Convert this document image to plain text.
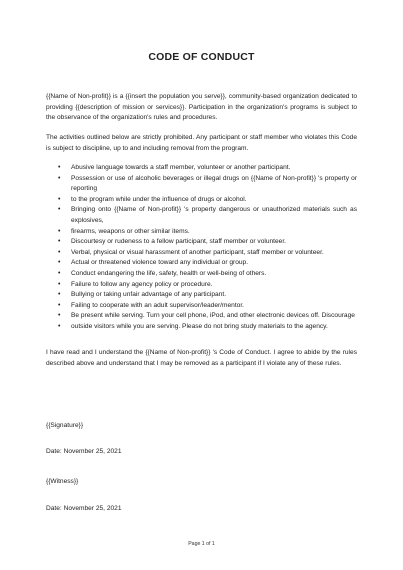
CODE OF CONDUCT
{{Name of Non-profit}} is a {{insert the population you serve}}, community-based organization dedicated to providing {{description of mission or services}}. Participation in the organization's programs is subject to the observance of the organization's rules and procedures.
The activities outlined below are strictly prohibited. Any participant or staff member who violates this Code is subject to discipline, up to and including removal from the program.
• Abusive language towards a staff member, volunteer or another participant.
• Possession or use of alcoholic beverages or illegal drugs on {{Name of Non-profit}} 's property or reporting
• to the program while under the influence of drugs or alcohol.
• Bringing onto {{Name of Non-profit}} 's property dangerous or unauthorized materials such as explosives,
• firearms, weapons or other similar items.
• Discourtesy or rudeness to a fellow participant, staff member or volunteer.
• Verbal, physical or visual harassment of another participant, staff member or volunteer.
• Actual or threatened violence toward any individual or group.
• Conduct endangering the life, safety, health or well-being of others.
• Failure to follow any agency policy or procedure.
• Bullying or taking unfair advantage of any participant.
• Failing to cooperate with an adult supervisor/leader/mentor.
• Be present while serving. Turn your cell phone, iPod, and other electronic devices off. Discourage
• outside visitors while you are serving. Please do not bring study materials to the agency.
I have read and I understand the {{Name of Non-profit}} 's Code of Conduct. I agree to abide by the rules described above and understand that I may be removed as a participant if I violate any of these rules.
{{Signature}}
Date: November 25, 2021
{{Witness}}
Date: November 25, 2021
Page 1 of 1
